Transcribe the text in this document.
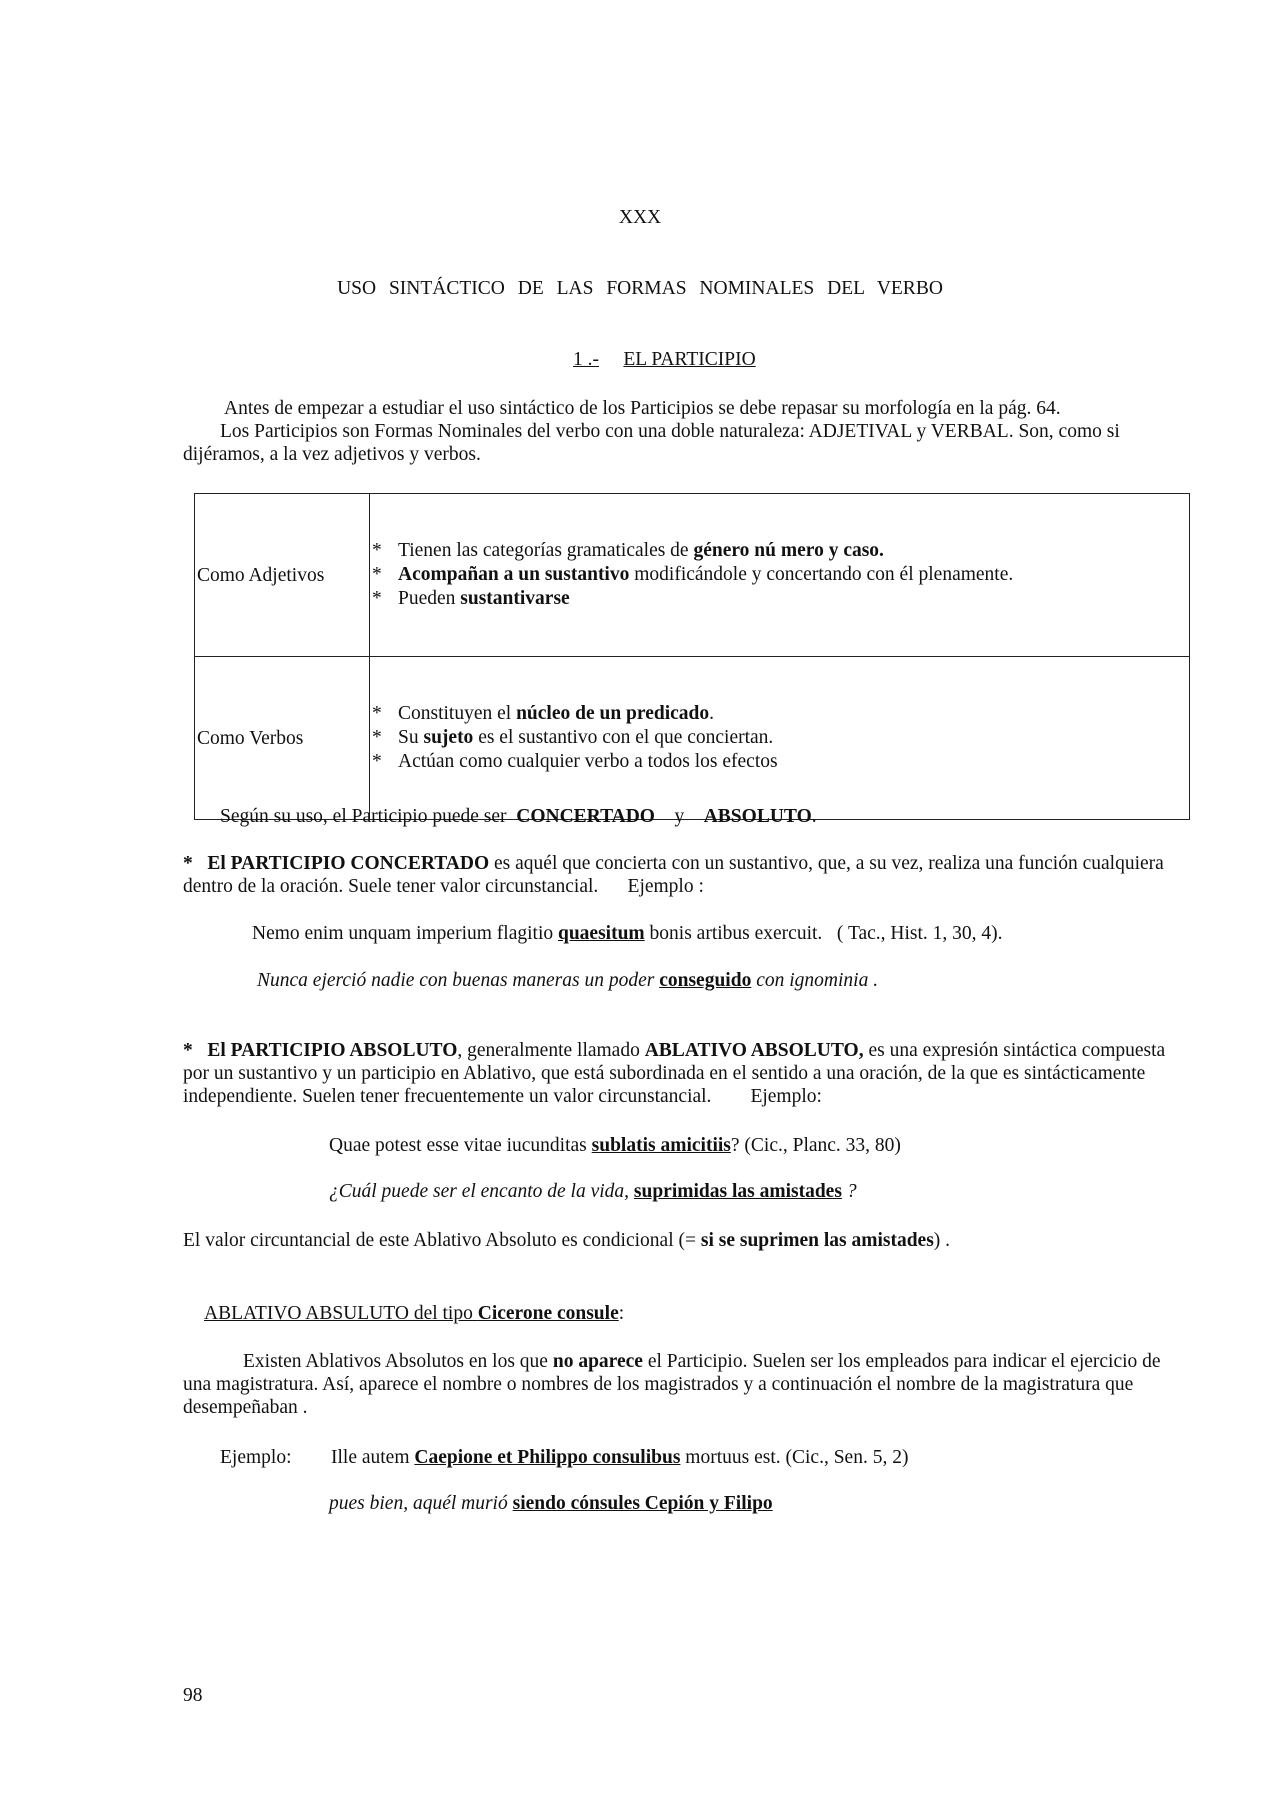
XXX
USO SINTÁCTICO DE LAS FORMAS NOMINALES DEL VERBO
1 .- EL PARTICIPIO
Antes de empezar a estudiar el uso sintáctico de los Participios se debe repasar su morfología en la pág. 64.
Los Participios son Formas Nominales del verbo con una doble naturaleza: ADJETIVAL y VERBAL. Son, como si dijéramos, a la vez adjetivos y verbos.
Como Adjetivos	* Tienen las categorías gramaticales de género nú mero y caso.
* Acompañan a un sustantivo modificándole y concertando con él plenamente.
* Pueden sustantivarse

Como Verbos	* Constituyen el núcleo de un predicado.
* Su sujeto es el sustantivo con el que conciertan.
* Actúan como cualquier verbo a todos los efectos
Según su uso, el Participio puede ser  CONCERTADO y ABSOLUTO.
* El PARTICIPIO CONCERTADO es aquél que concierta con un sustantivo, que, a su vez, realiza una función cualquiera dentro de la oración. Suele tener valor circunstancial. Ejemplo :
Nemo enim unquam imperium flagitio quaesitum bonis artibus exercuit. ( Tac., Hist. 1, 30, 4).
Nunca ejerció nadie con buenas maneras un poder conseguido con ignominia .
* El PARTICIPIO ABSOLUTO, generalmente llamado ABLATIVO ABSOLUTO, es una expresión sintáctica compuesta por un sustantivo y un participio en Ablativo, que está subordinada en el sentido a una oración, de la que es sintácticamente independiente. Suelen tener frecuentemente un valor circunstancial. Ejemplo:
Quae potest esse vitae iucunditas sublatis amicitiis? (Cic., Planc. 33, 80)
¿Cuál puede ser el encanto de la vida, suprimidas las amistades ?
El valor circuntancial de este Ablativo Absoluto es condicional (= si se suprimen las amistades) .
ABLATIVO ABSULUTO del tipo Cicerone consule:
Existen Ablativos Absolutos en los que no aparece el Participio. Suelen ser los empleados para indicar el ejercicio de una magistratura. Así, aparece el nombre o nombres de los magistrados y a continuación el nombre de la magistratura que desempeñaban .
Ejemplo: Ille autem Caepione et Philippo consulibus mortuus est. (Cic., Sen. 5, 2)
pues bien, aquél murió siendo cónsules Cepión y Filipo
98
